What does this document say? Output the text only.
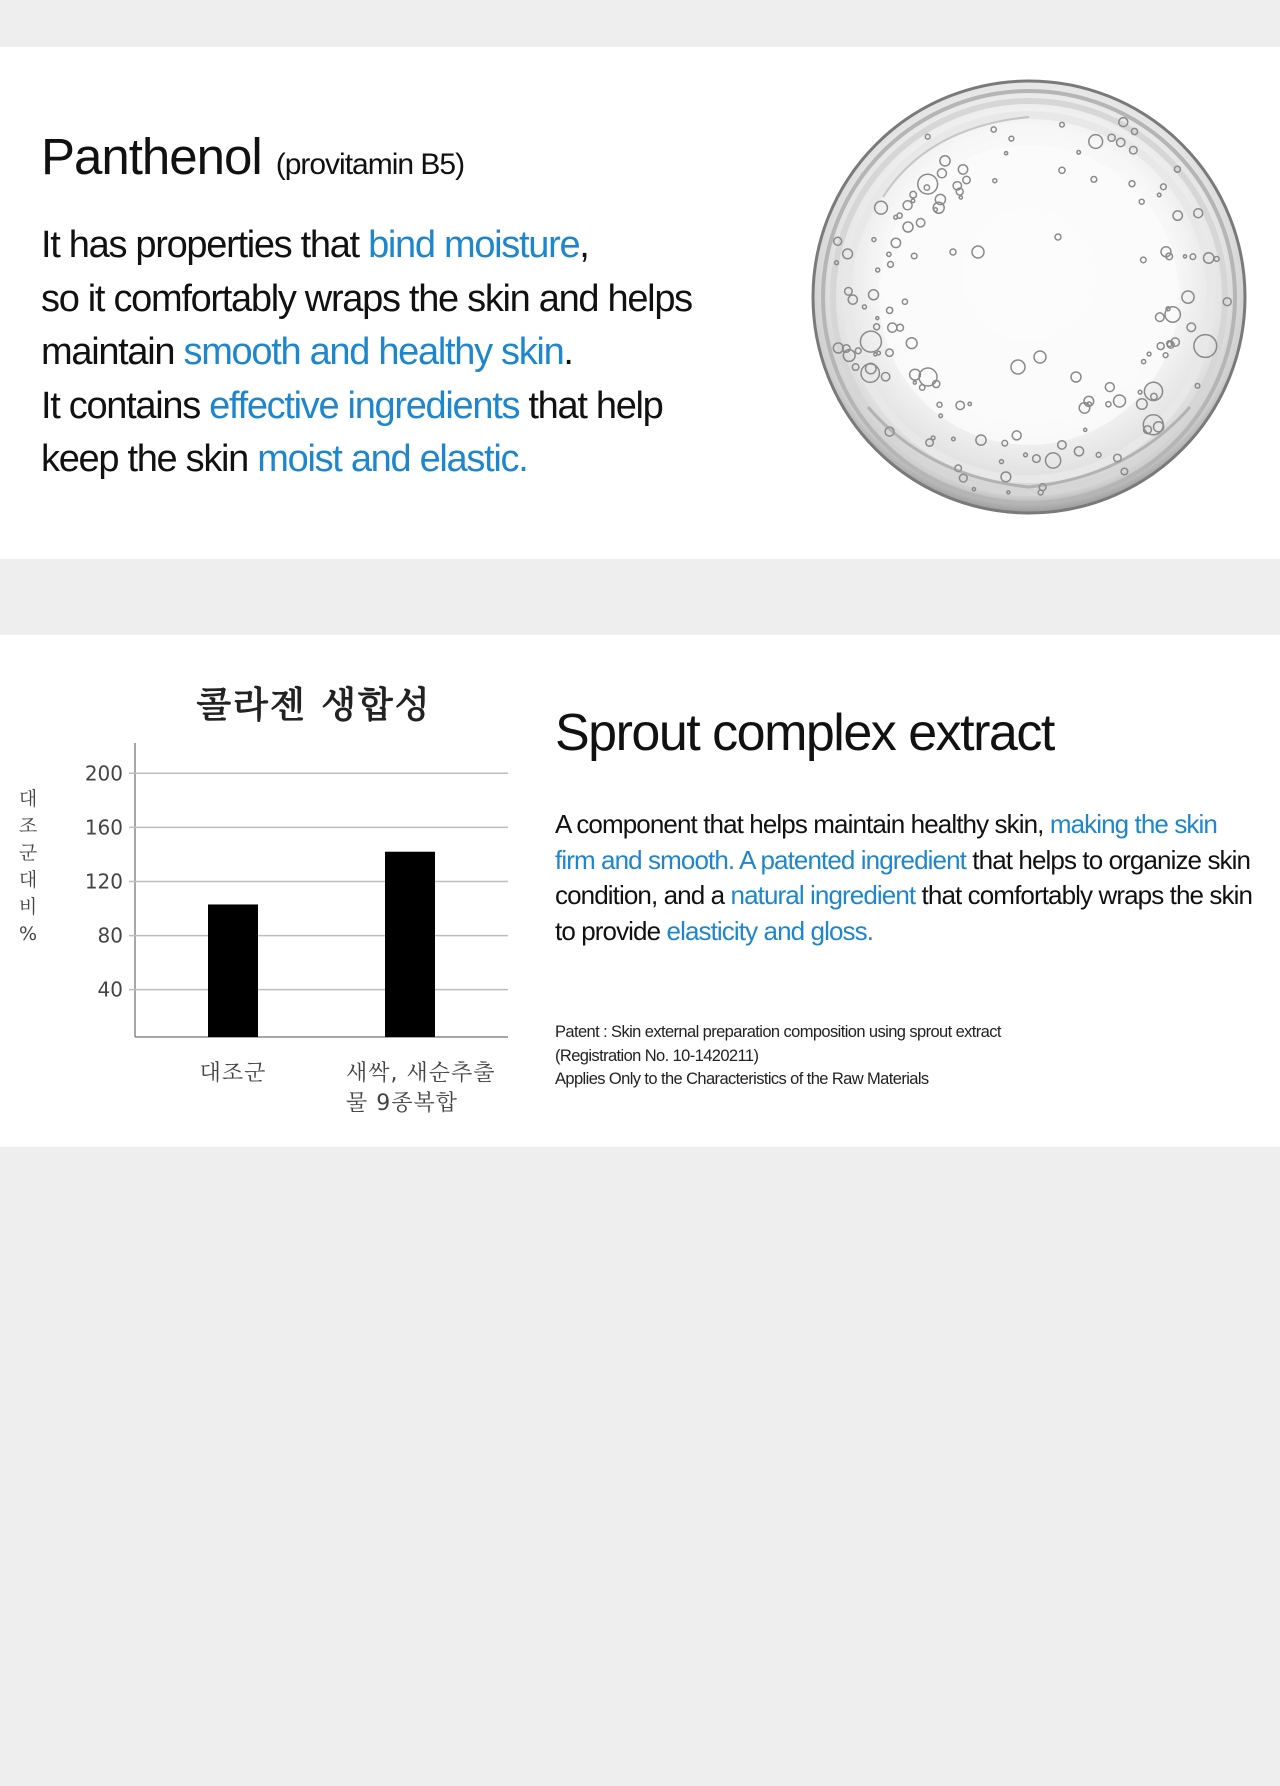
Panthenol (provitamin B5)
It has properties that bind moisture,
so it comfortably wraps the skin and helps
maintain smooth and healthy skin.
It contains effective ingredients that help
keep the skin moist and elastic.
콜라젠 생합성
대
조
군
대
비
%
40
80
120
160
200
대조군	새싹, 새순추출
물 9종복합
Sprout complex extract
A component that helps maintain healthy skin, making the skin firm and smooth. A patented ingredient that helps to organize skin condition, and a natural ingredient that comfortably wraps the skin to provide elasticity and gloss.
Patent : Skin external preparation composition using sprout extract
(Registration No. 10-1420211)
Applies Only to the Characteristics of the Raw Materials
